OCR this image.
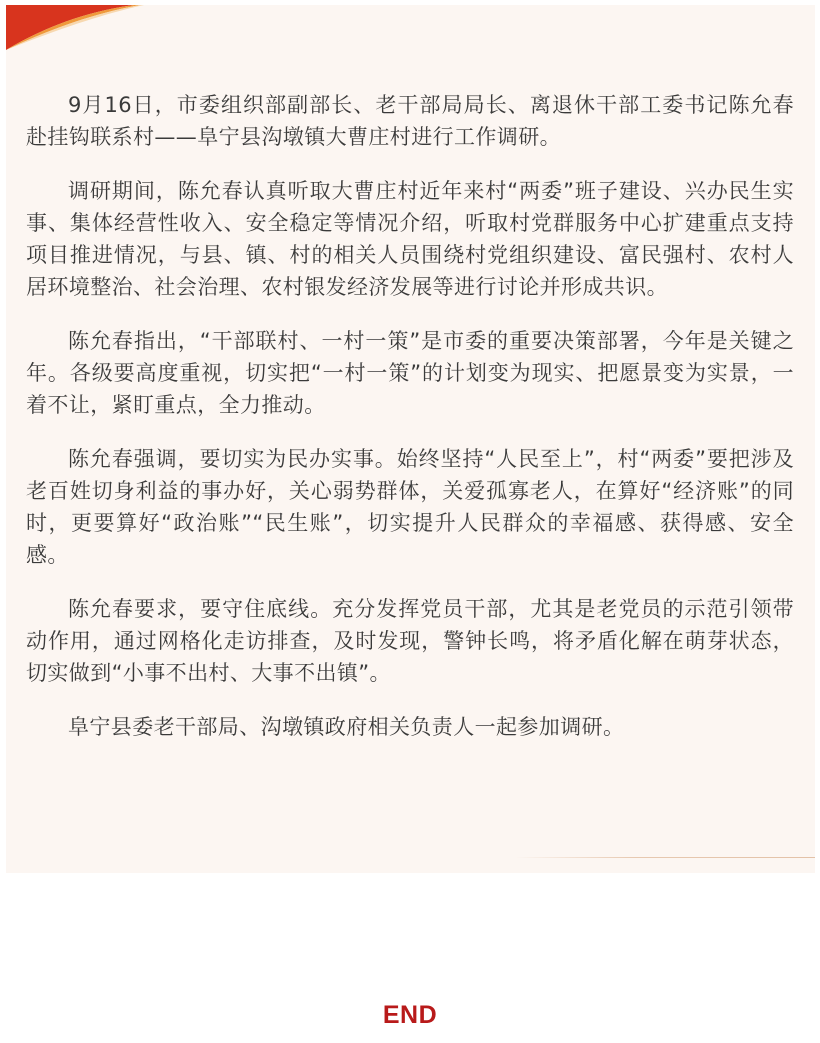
9月16日，市委组织部副部长、老干部局局长、离退休干部工委书记陈允春赴挂钩联系村——阜宁县沟墩镇大曹庄村进行工作调研。

调研期间，陈允春认真听取大曹庄村近年来村“两委”班子建设、兴办民生实事、集体经营性收入、安全稳定等情况介绍，听取村党群服务中心扩建重点支持项目推进情况，与县、镇、村的相关人员围绕村党组织建设、富民强村、农村人居环境整治、社会治理、农村银发经济发展等进行讨论并形成共识。

陈允春指出，“干部联村、一村一策”是市委的重要决策部署，今年是关键之年。各级要高度重视，切实把“一村一策”的计划变为现实、把愿景变为实景，一着不让，紧盯重点，全力推动。

陈允春强调，要切实为民办实事。始终坚持“人民至上”，村“两委”要把涉及老百姓切身利益的事办好，关心弱势群体，关爱孤寡老人，在算好“经济账”的同时，更要算好“政治账”“民生账”，切实提升人民群众的幸福感、获得感、安全感。

陈允春要求，要守住底线。充分发挥党员干部，尤其是老党员的示范引领带动作用，通过网格化走访排查，及时发现，警钟长鸣，将矛盾化解在萌芽状态，切实做到“小事不出村、大事不出镇”。

阜宁县委老干部局、沟墩镇政府相关负责人一起参加调研。

END
